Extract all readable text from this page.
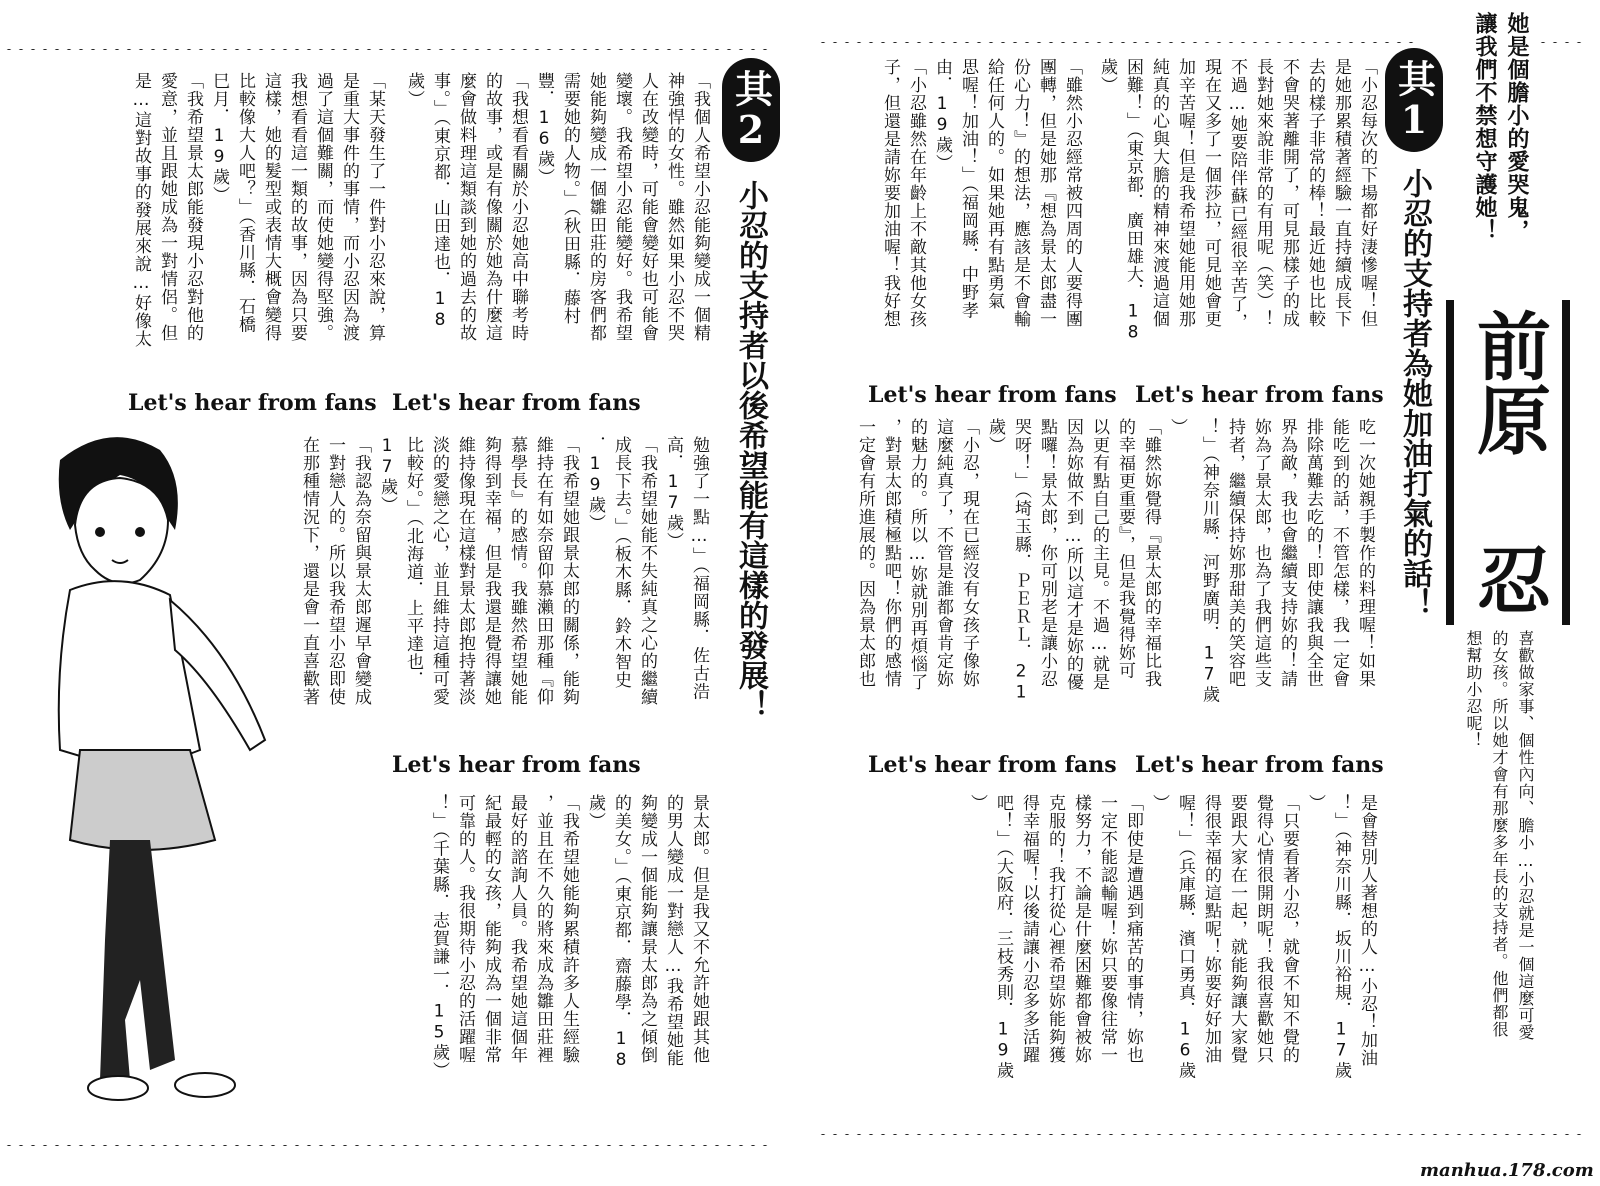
她是個膽小的愛哭鬼，

讓我們不禁想守護她！

前原 忍

喜歡做家事、個性內向、膽小…小忍就是一個這麼可愛

的女孩。所以她才會有那麼多年長的支持者。他們都很

想幫助小忍呢！

其1
小忍的支持者為她加油打氣的話！

「小忍每次的下場都好淒慘喔！但

是她那累積著經驗一直持續成長下

去的樣子非常的棒！最近她也比較

不會哭著離開了，可見那樣子的成

長對她來說非常的有用呢（笑）！

不過…她要陪伴蘇已經很辛苦了，

現在又多了一個莎拉，可見她會更

加辛苦喔！但是我希望她能用她那

純真的心與大膽的精神來渡過這個

困難！」（東京都．廣田雄大．18

歲）

「雖然小忍經常被四周的人要得團

團轉，但是她那『想為景太郎盡一

份心力！』的想法，應該是不會輸

給任何人的。如果她再有點勇氣

思喔！加油！」（福岡縣．中野孝

由．19歲）

「小忍雖然在年齡上不敵其他女孩

子，但還是請妳要加油喔！我好想

Let's hear from fans
Let's hear from fans

吃一次她親手製作的料理喔！如果

能吃到的話，不管怎樣，我一定會

排除萬難去吃的！即使讓我與全世

界為敵，我也會繼續支持妳的！請

妳為了景太郎，也為了我們這些支

持者，繼續保持妳那甜美的笑容吧

！」（神奈川縣．河野廣明．17歲

）

「雖然妳覺得『景太郎的幸福比我

的幸福更重要』，但是我覺得妳可

以更有點自己的主見。不過…就是

因為妳做不到…所以這才是妳的優

點囉！景太郎，你可別老是讓小忍

哭呀！」（埼玉縣．ＰＥＲＬ．21

歲）

「小忍，現在已經沒有女孩子像妳

這麼純真了，不管是誰都會肯定妳

的魅力的。所以…妳就別再煩惱了

，對景太郎積極點吧！你們的感情

一定會有所進展的。因為景太郎也

Let's hear from fans
Let's hear from fans

是會替別人著想的人…小忍！加油

！」（神奈川縣．坂川裕規．17歲

）

「只要看著小忍，就會不知不覺的

覺得心情很開朗呢！我很喜歡她只

要跟大家在一起，就能夠讓大家覺

得很幸福的這點呢！妳要好好加油

喔！」（兵庫縣．濱口勇真．16歲

）

「即使是遭遇到痛苦的事情，妳也

一定不能認輸喔！妳只要像往常一

樣努力，不論是什麼困難都會被妳

克服的！我打從心裡希望妳能夠獲

得幸福喔！以後請讓小忍多多活躍

吧！」（大阪府．三枝秀則．19歲

）

manhua.178.com
其2
小忍的支持者以後希望能有這樣的發展！

「我個人希望小忍能夠變成一個精

神強悍的女性。雖然如果小忍不哭

人在改變時，可能會變好也可能會

變壞。我希望小忍能變好。我希望

她能夠變成一個雛田莊的房客們都

需要她的人物。」（秋田縣．藤村

豐．16歲）

「我想看看關於小忍她高中聯考時

的故事，或是有像關於她為什麼這

麼會做料理這類談到她的過去的故

事。」（東京都．山田達也．18

歲）

「某天發生了一件對小忍來說，算

是重大事件的事情，而小忍因為渡

過了這個難關，而使她變得堅強。

我想看看這一類的故事，因為只要

這樣，她的髮型或表情大概會變得

比較像大人吧？」（香川縣．石橋

巳月．19歲）

「我希望景太郎能發現小忍對他的

愛意，並且跟她成為一對情侶。但

是…這對故事的發展來說…好像太

Let's hear from fans
Let's hear from fans

勉強了一點…」（福岡縣．佐古浩

高．17歲）

「我希望她能不失純真之心的繼續

成長下去。」（板木縣．鈴木智史

．19歲）

「我希望她跟景太郎的關係，能夠

維持在有如奈留仰慕瀨田那種『仰

慕學長』的感情。我雖然希望她能

夠得到幸福，但是我還是覺得讓她

維持像現在這樣對景太郎抱持著淡

淡的愛戀之心，並且維持這種可愛

比較好。」（北海道．上平達也．

17歲）

「我認為奈留與景太郎遲早會變成

一對戀人的。所以我希望小忍即使

在那種情況下，還是會一直喜歡著

Let's hear from fans

景太郎。但是我又不允許她跟其他

的男人變成一對戀人…我希望她能

夠變成一個能夠讓景太郎為之傾倒

的美女。」（東京都．齋藤學．18

歲）

「我希望她能夠累積許多人生經驗

，並且在不久的將來成為雛田莊裡

最好的諮詢人員。我希望她這個年

紀最輕的女孩，能夠成為一個非常

可靠的人。我很期待小忍的活躍喔

！」（千葉縣．志賀謙一．15歲）
